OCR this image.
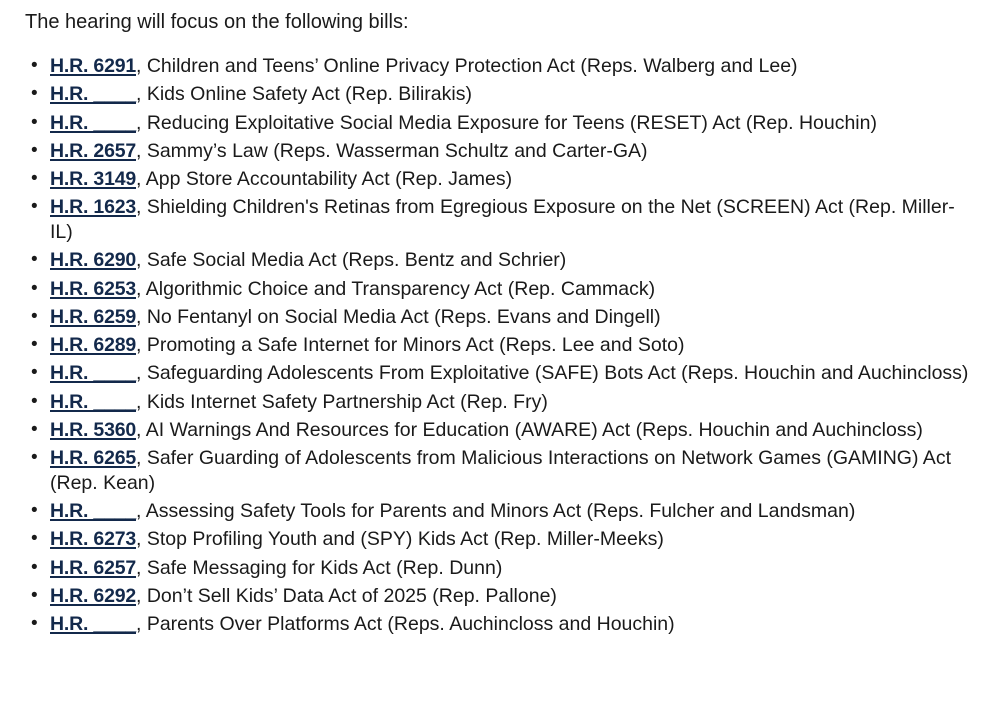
The hearing will focus on the following bills:

• H.R. 6291, Children and Teens’ Online Privacy Protection Act (Reps. Walberg and Lee)
• H.R. ____, Kids Online Safety Act (Rep. Bilirakis)
• H.R. ____, Reducing Exploitative Social Media Exposure for Teens (RESET) Act (Rep. Houchin)
• H.R. 2657, Sammy’s Law (Reps. Wasserman Schultz and Carter-GA)
• H.R. 3149, App Store Accountability Act (Rep. James)
• H.R. 1623, Shielding Children's Retinas from Egregious Exposure on the Net (SCREEN) Act (Rep. Miller-IL)
• H.R. 6290, Safe Social Media Act (Reps. Bentz and Schrier)
• H.R. 6253, Algorithmic Choice and Transparency Act (Rep. Cammack)
• H.R. 6259, No Fentanyl on Social Media Act (Reps. Evans and Dingell)
• H.R. 6289, Promoting a Safe Internet for Minors Act (Reps. Lee and Soto)
• H.R. ____, Safeguarding Adolescents From Exploitative (SAFE) Bots Act (Reps. Houchin and Auchincloss)
• H.R. ____, Kids Internet Safety Partnership Act (Rep. Fry)
• H.R. 5360, AI Warnings And Resources for Education (AWARE) Act (Reps. Houchin and Auchincloss)
• H.R. 6265, Safer Guarding of Adolescents from Malicious Interactions on Network Games (GAMING) Act (Rep. Kean)
• H.R. ____, Assessing Safety Tools for Parents and Minors Act (Reps. Fulcher and Landsman)
• H.R. 6273, Stop Profiling Youth and (SPY) Kids Act (Rep. Miller-Meeks)
• H.R. 6257, Safe Messaging for Kids Act (Rep. Dunn)
• H.R. 6292, Don’t Sell Kids’ Data Act of 2025 (Rep. Pallone)
• H.R. ____, Parents Over Platforms Act (Reps. Auchincloss and Houchin)
